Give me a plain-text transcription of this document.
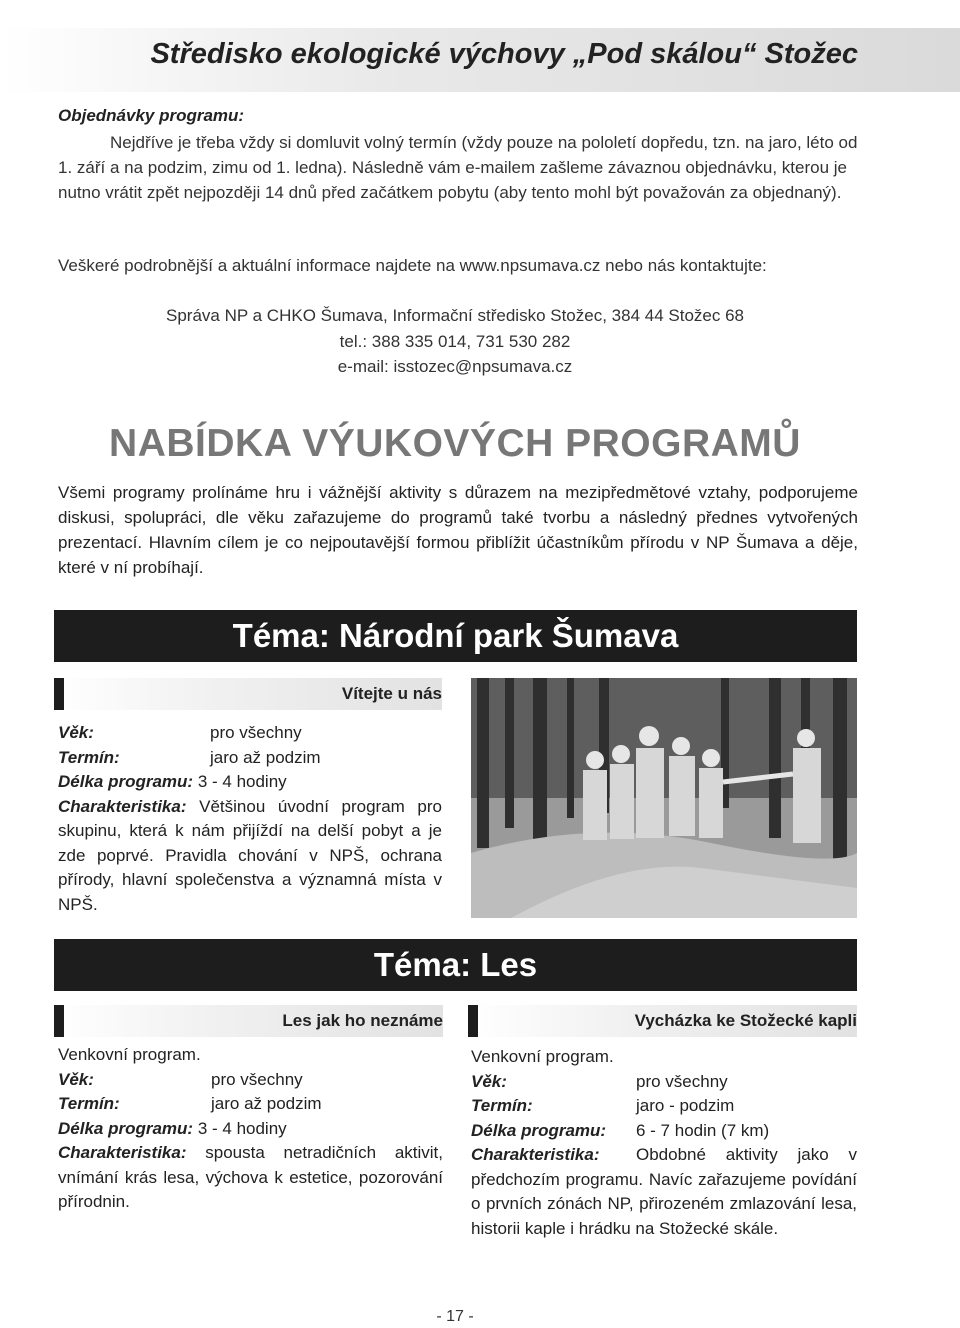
Středisko ekologické výchovy „Pod skálou“ Stožec
Objednávky programu:
Nejdříve je třeba vždy si domluvit volný termín (vždy pouze na pololetí dopředu, tzn. na jaro, léto od 1. září a na podzim, zimu od 1. ledna). Následně vám e-mailem zašleme závaznou objednávku, kterou je nutno vrátit zpět nejpozději 14 dnů před začátkem pobytu (aby tento mohl být považován za objednaný).
Veškeré podrobnější a aktuální informace najdete na www.npsumava.cz nebo nás kontaktujte:
Správa NP a CHKO Šumava, Informační středisko Stožec, 384 44 Stožec 68
tel.: 388 335 014, 731 530 282
e-mail: isstozec@npsumava.cz
NABÍDKA VÝUKOVÝCH PROGRAMŮ
Všemi programy prolínáme hru i vážnější aktivity s důrazem na mezipředmětové vztahy, podporujeme diskusi, spolupráci, dle věku zařazujeme do programů také tvorbu a následný přednes vytvořených prezentací. Hlavním cílem je co nejpoutavější formou přiblížit účastníkům přírodu v NP Šumava a děje, které v ní probíhají.
Téma: Národní park Šumava
Vítejte u nás
Věk:	pro všechny
Termín:	jaro až podzim
Délka programu: 3 - 4 hodiny
Charakteristika: Většinou úvodní program pro skupinu, která k nám přijíždí na delší pobyt a je zde poprvé. Pravidla chování v NPŠ, ochrana přírody, hlavní společenstva a významná místa v NPŠ.
Téma: Les
Les jak ho neznáme
Venkovní program.
Věk:	pro všechny
Termín:	jaro až podzim
Délka programu: 3 - 4 hodiny
Charakteristika: spousta netradičních aktivit, vnímání krás lesa, výchova k estetice, pozorování přírodnin.
Vycházka ke Stožecké kapli
Venkovní program.
Věk:	pro všechny
Termín:	jaro - podzim
Délka programu: 6 - 7 hodin (7 km)
Charakteristika: Obdobné aktivity jako v předchozím programu. Navíc zařazujeme povídání o prvních zónách NP, přirozeném zmlazování lesa, historii kaple i hrádku na Stožecké skále.
- 17 -
